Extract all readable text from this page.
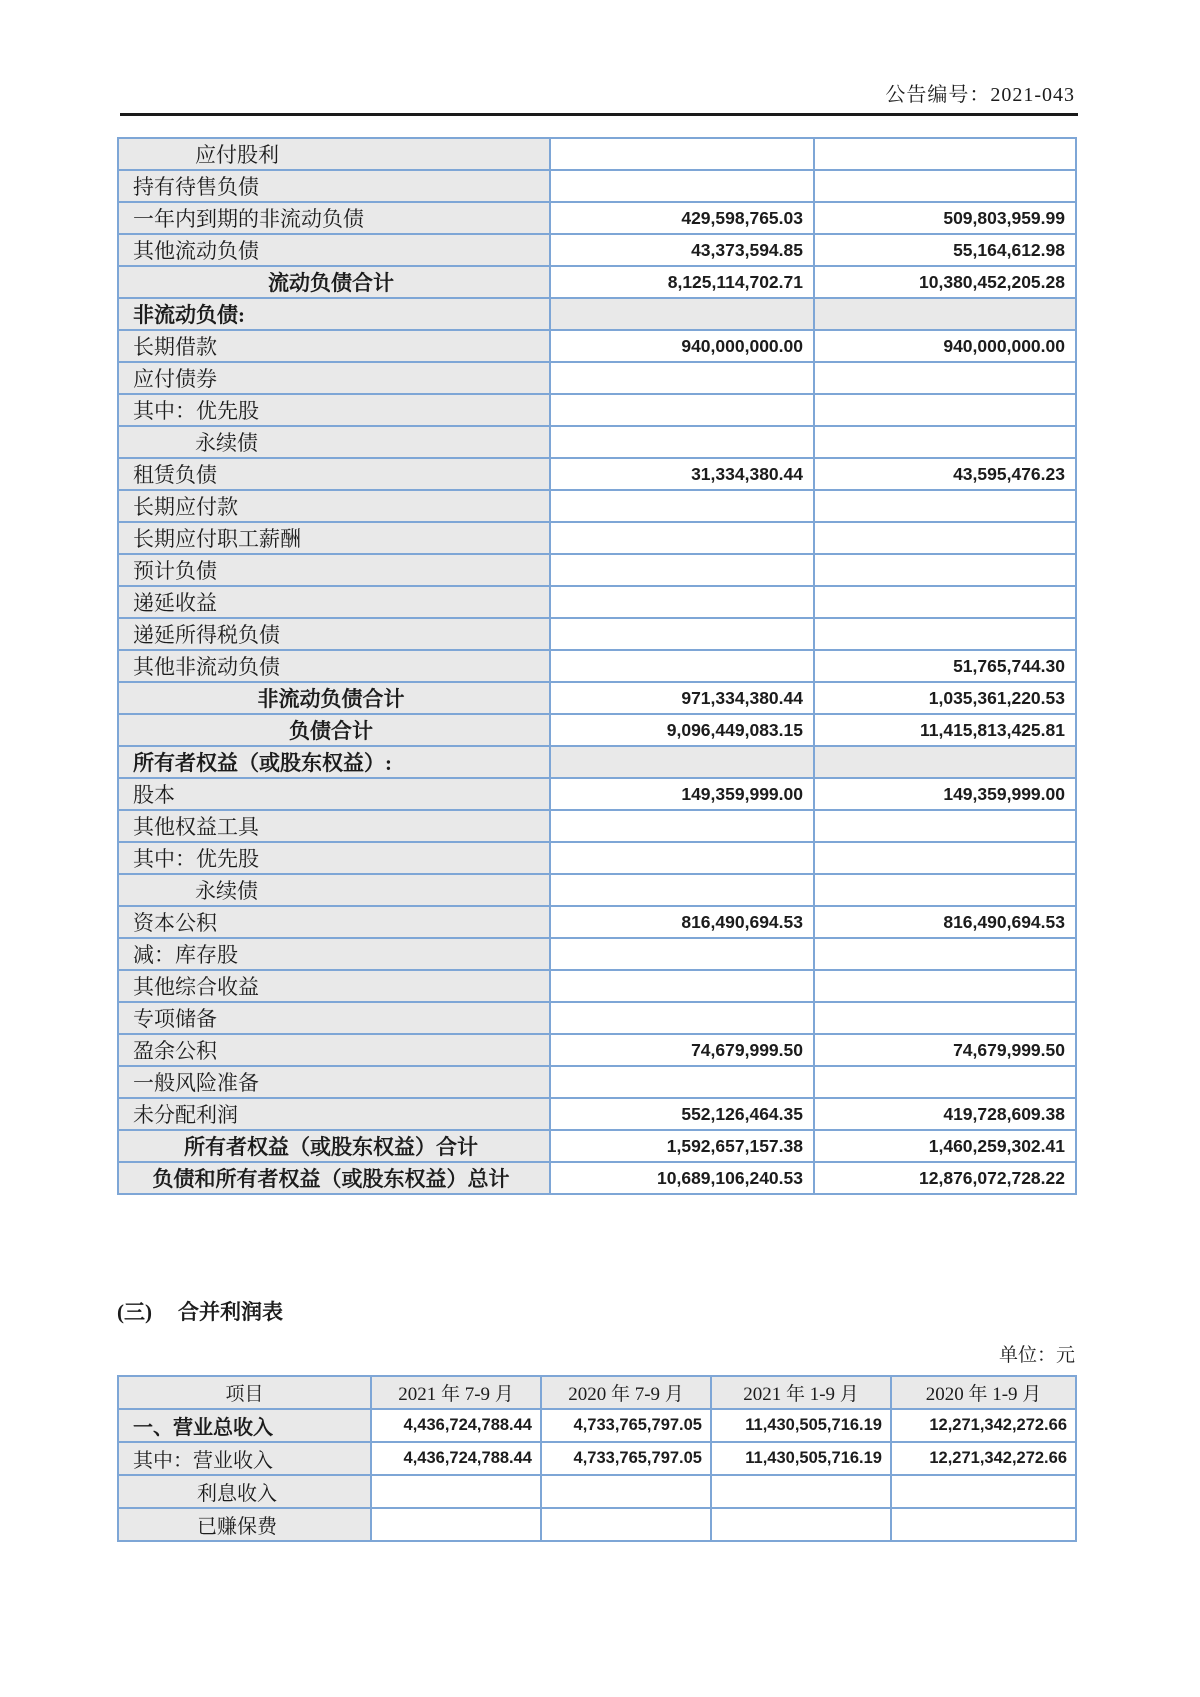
公告编号：2021-043
应付股利		
持有待售负债		
一年内到期的非流动负债	429,598,765.03	509,803,959.99
其他流动负债	43,373,594.85	55,164,612.98
流动负债合计	8,125,114,702.71	10,380,452,205.28
非流动负债:		
长期借款	940,000,000.00	940,000,000.00
应付债券		
其中：优先股		
永续债		
租赁负债	31,334,380.44	43,595,476.23
长期应付款		
长期应付职工薪酬		
预计负债		
递延收益		
递延所得税负债		
其他非流动负债		51,765,744.30
非流动负债合计	971,334,380.44	1,035,361,220.53
负债合计	9,096,449,083.15	11,415,813,425.81
所有者权益（或股东权益）:		
股本	149,359,999.00	149,359,999.00
其他权益工具		
其中：优先股		
永续债		
资本公积	816,490,694.53	816,490,694.53
减：库存股		
其他综合收益		
专项储备		
盈余公积	74,679,999.50	74,679,999.50
一般风险准备		
未分配利润	552,126,464.35	419,728,609.38
所有者权益（或股东权益）合计	1,592,657,157.38	1,460,259,302.41
负债和所有者权益（或股东权益）总计	10,689,106,240.53	12,876,072,728.22
(三) 合并利润表
单位：元
项目	2021 年 7-9 月	2020 年 7-9 月	2021 年 1-9 月	2020 年 1-9 月
一、营业总收入	4,436,724,788.44	4,733,765,797.05	11,430,505,716.19	12,271,342,272.66
其中：营业收入	4,436,724,788.44	4,733,765,797.05	11,430,505,716.19	12,271,342,272.66
利息收入				
已赚保费				
